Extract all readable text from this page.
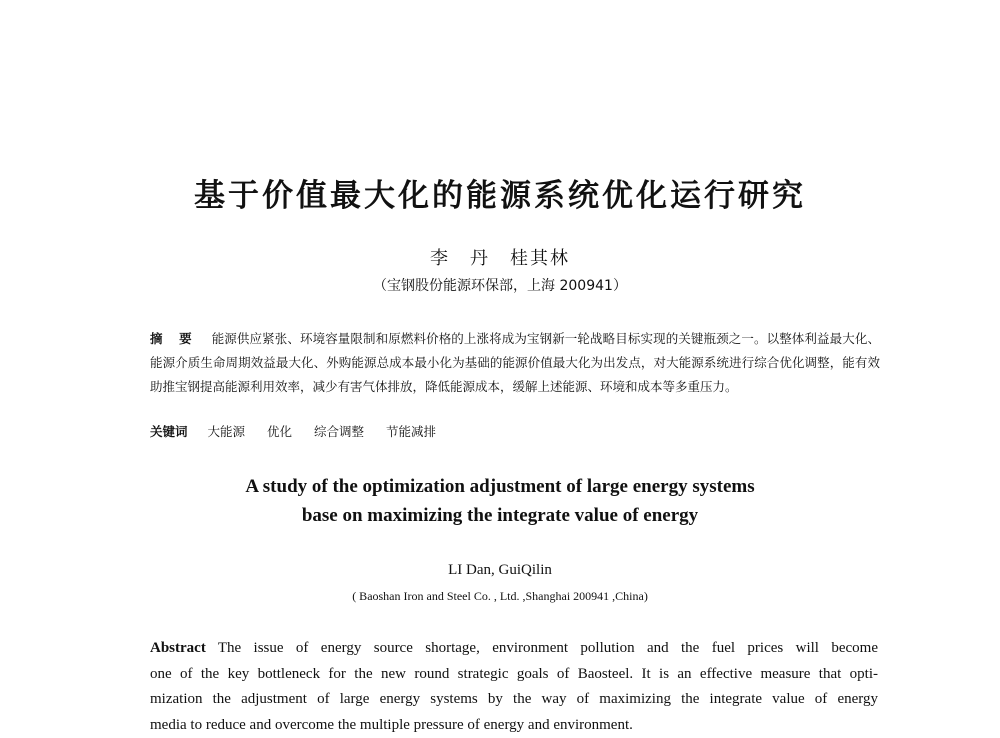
基于价值最大化的能源系统优化运行研究
李　丹　桂其林
（宝钢股份能源环保部，上海 200941）
摘 要 能源供应紧张、环境容量限制和原燃料价格的上涨将成为宝钢新一轮战略目标实现的关键瓶颈之一。以整体利益最大化、能源介质生命周期效益最大化、外购能源总成本最小化为基础的能源价值最大化为出发点，对大能源系统进行综合优化调整，能有效助推宝钢提高能源利用效率，减少有害气体排放，降低能源成本，缓解上述能源、环境和成本等多重压力。
关键词 大能源 优化 综合调整 节能减排
A study of the optimization adjustment of large energy systems
base on maximizing the integrate value of energy
LI Dan, GuiQilin
( Baoshan Iron and Steel Co. , Ltd. ,Shanghai 200941 ,China)
Abstract The issue of energy source shortage, environment pollution and the fuel prices will become
one of the key bottleneck for the new round strategic goals of Baosteel. It is an effective measure that opti-
mization the adjustment of large energy systems by the way of maximizing the integrate value of energy
media to reduce and overcome the multiple pressure of energy and environment.
